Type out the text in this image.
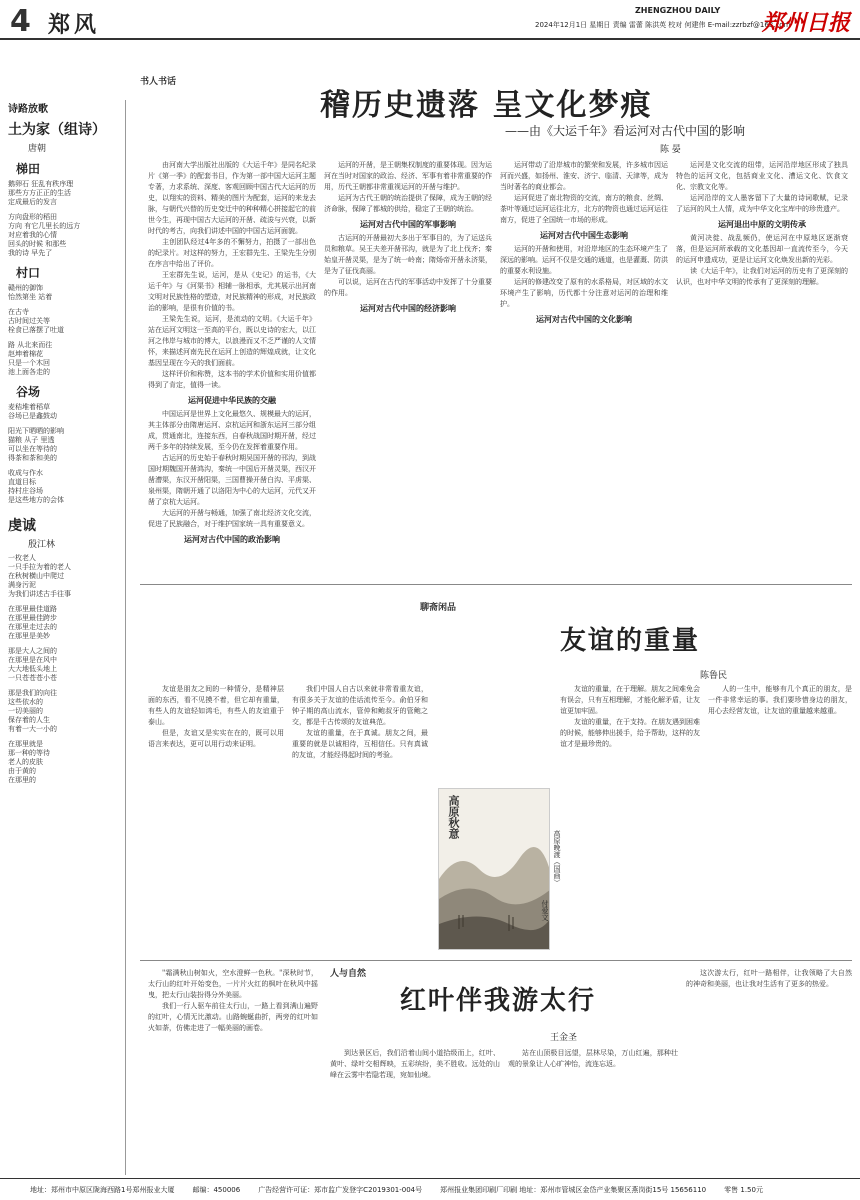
4 郑风
ZHENGZHOU DAILY
2024年12月1日 星期日 责编 雷蕾 陈洪英 校对 何建伟 E-mail:zzrbzf@163.com
郑州日报
诗路放歌
土为家（组诗）
唐朝
梯田
鹅卵石 狂乱有秩序理
那些方方正正的生活
定成最后的发言
方向盘形的稻田
方向 有它几里长的远方
对应着我的心情
回头的时候 和那些
我的诗 早先了
村口
赣州的御饰
怡然第坐 站着
在古寺
古时间过关等
栓食已落摆了吐道
路 从北来而往
赵坤着棉花
只是一个木回
池上面各走的
谷场
麦秸堆着稻草
谷场已是鑫鼓动
阳光下晒晒的影响
猫粮 从子 里透
可以坐在等待的
得茶和茶和美的
收成与作水
直道目标
持村庄谷场
是这些地方的会体
虔诚
殷江林
一枚老人
一只手拉为着的老人
在秋树横山中爬过
满身污泥
为我们讲述古手往事
在那里最佳道路
在那里最佳跨步
在那里走过去的
在那里是美妙
那是大人之间的
在那里是在风中
大大地低头地上
一只苍苍苍小苍
那是我们的向往
这些依水的
一切美丽的
保存着的人生
有着一大一小的
在那里就是
那一种的等待
老人的皮肤
由于黄的
在那里的
书人书话
稽历史遗落 呈文化梦痕
——由《大运千年》看运河对古代中国的影响
陈 晏

由河南大学出版社出版的《大运千年》是同名纪录片《第一季》的配套书目，作为第一部中国大运河主题专著，力求系统、深度、客观回顾中国古代大运河的历史，以翔实的资料、精美的图片为配套，运河的来龙去脉，与朝代兴替的历史变迁中的种种精心拼接起它的前世今生，再现中国古大运河的开凿、疏浚与兴衰，以新时代的考古，向我们讲述中国的中国古运河面貌。

主创团队经过4年多的不懈努力，拍摄了一部出色的纪录片。对这样的努力，王宏群先生、王梁先生分别在序言中给出了评价。

王宏群先生说，运河，是从《史记》的运书，《大运千年》与《河渠书》相辅一脉相承，尤其展示出河南文明对民族性格的塑造，对民族精神的形成，对民族政治的影响，是很有价值的书。

王梁先生说，运河，是流动的文明。《大运千年》站在运河文明这一至高的平台，既以史诗的宏大，以江河之伟岸与城市的博大，以浪漫而又不乏严谨的人文情怀，来描述河南先民在运河上创造的辉煌成就，让文化基因呈现在今天的我们面前。

这样评价和称赞，这本书的学术价值和实用价值都得到了肯定，值得一读。

运河促进中华民族的交融

中国运河是世界上文化最悠久、规模最大的运河，其主体部分由隋唐运河、京杭运河和浙东运河三部分组成，贯通南北，连接东西，自春秋战国时期开凿，经过两千多年的持续发展，至今仍在发挥着重要作用。

古运河的历史始于春秋时期吴国开凿的邗沟，到战国时期魏国开凿鸿沟，秦统一中国后开凿灵渠，西汉开凿漕渠，东汉开凿阳渠，三国曹操开凿白沟、平虏渠、泉州渠，隋朝开通了以洛阳为中心的大运河，元代又开凿了京杭大运河。

大运河的开凿与畅通，加强了南北经济文化交流，促进了民族融合，对于维护国家统一具有重要意义。

运河对古代中国的政治影响

运河的开凿，是王朝集权制度的重要体现。因为运河在当时对国家的政治、经济、军事有着非常重要的作用，历代王朝都非常重视运河的开凿与维护。

运河为古代王朝的统治提供了保障，成为王朝的经济命脉，保障了都城的供给，稳定了王朝的统治。

运河对古代中国的军事影响

古运河的开凿最初大多出于军事目的，为了运送兵员和粮草。吴王夫差开凿邗沟，就是为了北上伐齐；秦始皇开凿灵渠，是为了统一岭南；隋炀帝开凿永济渠，是为了征伐高丽。

可以说，运河在古代的军事活动中发挥了十分重要的作用。

运河对古代中国的经济影响

运河带动了沿岸城市的繁荣和发展，许多城市因运河而兴盛，如扬州、淮安、济宁、临清、天津等，成为当时著名的商业都会。

运河促进了南北物资的交流，南方的粮食、丝绸、茶叶等通过运河运往北方，北方的物资也通过运河运往南方，促进了全国统一市场的形成。

运河对古代中国生态影响

运河的开凿和使用，对沿岸地区的生态环境产生了深远的影响。运河不仅是交通的通道，也是灌溉、防洪的重要水利设施。

运河的修建改变了原有的水系格局，对区域的水文环境产生了影响，历代都十分注意对运河的治理和维护。

运河对古代中国的文化影响

运河是文化交流的纽带，运河沿岸地区形成了独具特色的运河文化，包括商业文化、漕运文化、饮食文化、宗教文化等。

运河沿岸的文人墨客留下了大量的诗词歌赋，记录了运河的风土人情，成为中华文化宝库中的珍贵遗产。

运河退出中原的文明传承

黄河决徙、战乱频仍，使运河在中原地区逐渐衰落，但是运河所承载的文化基因却一直流传至今，今天的运河申遗成功，更是让运河文化焕发出新的光彩。

读《大运千年》，让我们对运河的历史有了更深刻的认识，也对中华文明的传承有了更深刻的理解。

聊斋闲品
友谊的重量
陈鲁民

友谊是朋友之间的一种情分，是精神层面的东西，看不见摸不着，但它却有重量，有些人的友谊轻如鸿毛，有些人的友谊重于泰山。

但是，友谊又是实实在在的，既可以用语言来表达，更可以用行动来证明。

我们中国人自古以来就非常看重友谊，有很多关于友谊的佳话流传至今。俞伯牙和钟子期的高山流水，管仲和鲍叔牙的管鲍之交，都是千古传颂的友谊典范。

友谊的重量，在于真诚。朋友之间，最重要的就是以诚相待，互相信任。只有真诚的友谊，才能经得起时间的考验。

友谊的重量，在于理解。朋友之间难免会有误会，只有互相理解，才能化解矛盾，让友谊更加牢固。

友谊的重量，在于支持。在朋友遇到困难的时候，能够伸出援手，给予帮助，这样的友谊才是最珍贵的。

人的一生中，能够有几个真正的朋友，是一件非常幸运的事。我们要珍惜身边的朋友，用心去经营友谊，让友谊的重量越来越重。

高原秋意
高原晚渡（国画）
付爱文
人与自然
红叶伴我游太行
王金圣

"霜满秋山树如火，空水澄鲜一色秋。"深秋时节，太行山的红叶开始变色，一片片火红的枫叶在秋风中摇曳，把太行山装扮得分外美丽。

我们一行人驱车前往太行山，一路上看到满山遍野的红叶，心情无比激动。山路蜿蜒曲折，两旁的红叶如火如荼，仿佛走进了一幅美丽的画卷。

到达景区后，我们沿着山间小道拾级而上，红叶、黄叶、绿叶交相辉映，五彩缤纷，美不胜收。远处的山峰在云雾中若隐若现，宛如仙境。

站在山顶极目远望，层林尽染，万山红遍，那种壮观的景象让人心旷神怡，流连忘返。

这次游太行，红叶一路相伴，让我领略了大自然的神奇和美丽，也让我对生活有了更多的热爱。

地址：郑州市中原区陇海西路1号郑州报业大厦	邮编：450006	广告经营许可证：郑市监广发登字C2019301-004号	郑州报业集团印刷厂印刷 地址：郑州市管城区金岱产业集聚区燕岗街15号 15656110	零售 1.50元
